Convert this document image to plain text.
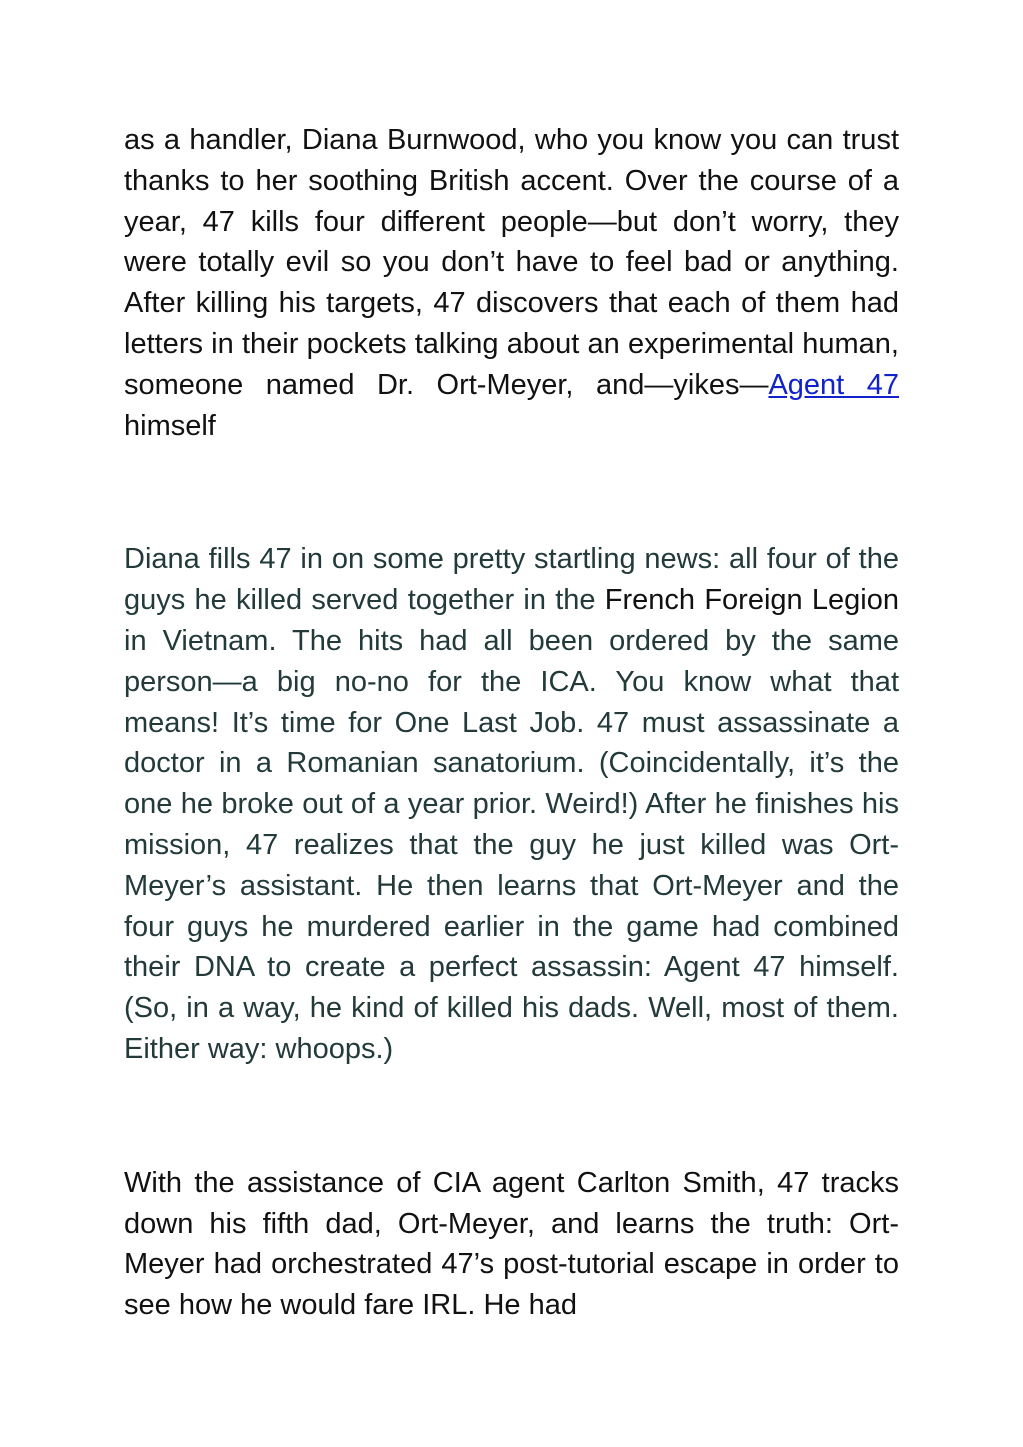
as a handler, Diana Burnwood, who you know you can trust thanks to her soothing British accent. Over the course of a year, 47 kills four different people—but don’t worry, they were totally evil so you don’t have to feel bad or anything. After killing his targets, 47 discovers that each of them had letters in their pockets talking about an experimental human, someone named Dr. Ort-Meyer, and—yikes—Agent 47 himself

Diana fills 47 in on some pretty startling news: all four of the guys he killed served together in the French Foreign Legion in Vietnam. The hits had all been ordered by the same person—a big no-no for the ICA. You know what that means! It’s time for One Last Job. 47 must assassinate a doctor in a Romanian sanatorium. (Coincidentally, it’s the one he broke out of a year prior. Weird!) After he finishes his mission, 47 realizes that the guy he just killed was Ort-Meyer’s assistant. He then learns that Ort-Meyer and the four guys he murdered earlier in the game had combined their DNA to create a perfect assassin: Agent 47 himself. (So, in a way, he kind of killed his dads. Well, most of them. Either way: whoops.)

With the assistance of CIA agent Carlton Smith, 47 tracks down his fifth dad, Ort-Meyer, and learns the truth: Ort-Meyer had orchestrated 47’s post-tutorial escape in order to see how he would fare IRL. He had
